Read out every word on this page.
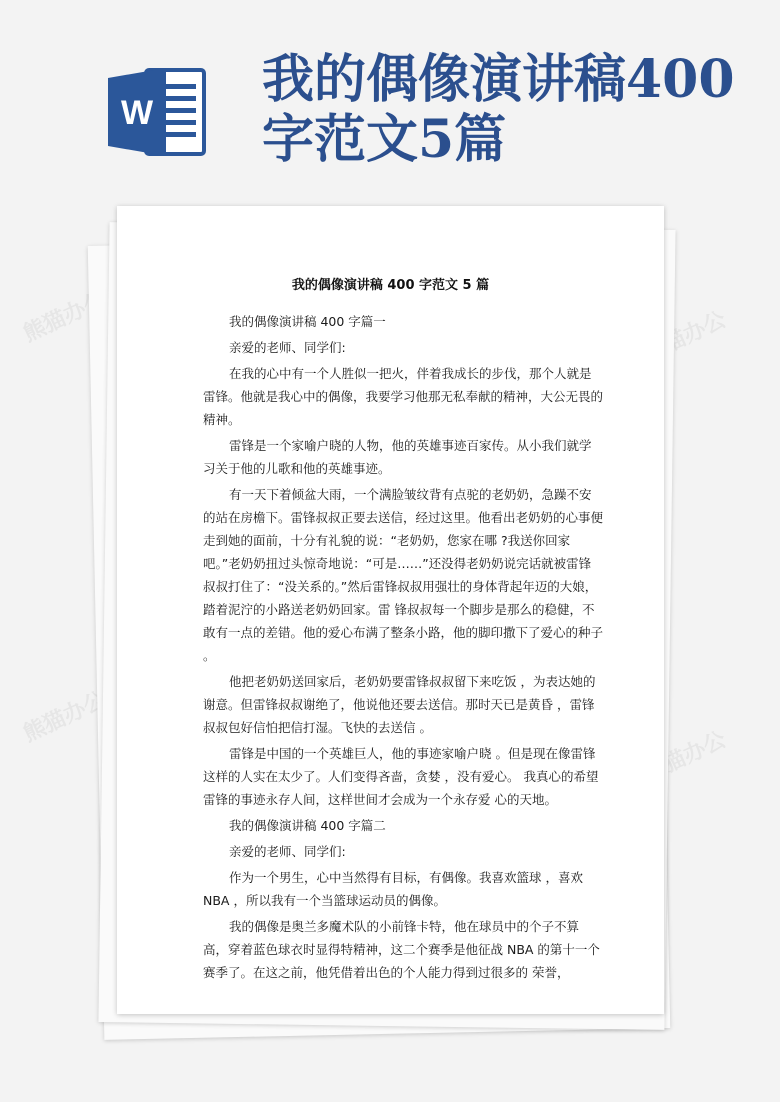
熊猫办公	熊猫办公
熊猫办公
熊猫办公
W
我的偶像演讲稿400字范文5篇
我的偶像演讲稿 400 字范文 5 篇

我的偶像演讲稿 400 字篇一

亲爱的老师、同学们:

在我的心中有一个人胜似一把火，伴着我成长的步伐，那个人就是雷锋。他就是我心中的偶像，我要学习他那无私奉献的精神，大公无畏的精神。

雷锋是一个家喻户晓的人物，他的英雄事迹百家传。从小我们就学习关于他的儿歌和他的英雄事迹。

有一天下着倾盆大雨，一个满脸皱纹背有点驼的老奶奶，急躁不安的站在房檐下。雷锋叔叔正要去送信，经过这里。他看出老奶奶的心事便走到她的面前，十分有礼貌的说：“老奶奶，您家在哪 ?我送你回家吧。”老奶奶扭过头惊奇地说：“可是……”还没得老奶奶说完话就被雷锋叔叔打住了：“没关系的。”然后雷锋叔叔用强壮的身体背起年迈的大娘，踏着泥泞的小路送老奶奶回家。雷 锋叔叔每一个脚步是那么的稳健，不敢有一点的差错。他的爱心布满了整条小路，他的脚印撒下了爱心的种子 。

他把老奶奶送回家后，老奶奶要雷锋叔叔留下来吃饭 ，为表达她的谢意。但雷锋叔叔谢绝了，他说他还要去送信。那时天已是黄昏 ，雷锋叔叔包好信怕把信打湿。飞快的去送信 。

雷锋是中国的一个英雄巨人，他的事迹家喻户晓 。但是现在像雷锋这样的人实在太少了。人们变得吝啬，贪婪 ，没有爱心。 我真心的希望雷锋的事迹永存人间，这样世间才会成为一个永存爱 心的天地。

我的偶像演讲稿 400 字篇二

亲爱的老师、同学们:

作为一个男生，心中当然得有目标，有偶像。我喜欢篮球 ，喜欢 NBA ，所以我有一个当篮球运动员的偶像。

我的偶像是奥兰多魔术队的小前锋卡特，他在球员中的个子不算高，穿着蓝色球衣时显得特精神，这二个赛季是他征战 NBA 的第十一个赛季了。在这之前，他凭借着出色的个人能力得到过很多的 荣誉，
